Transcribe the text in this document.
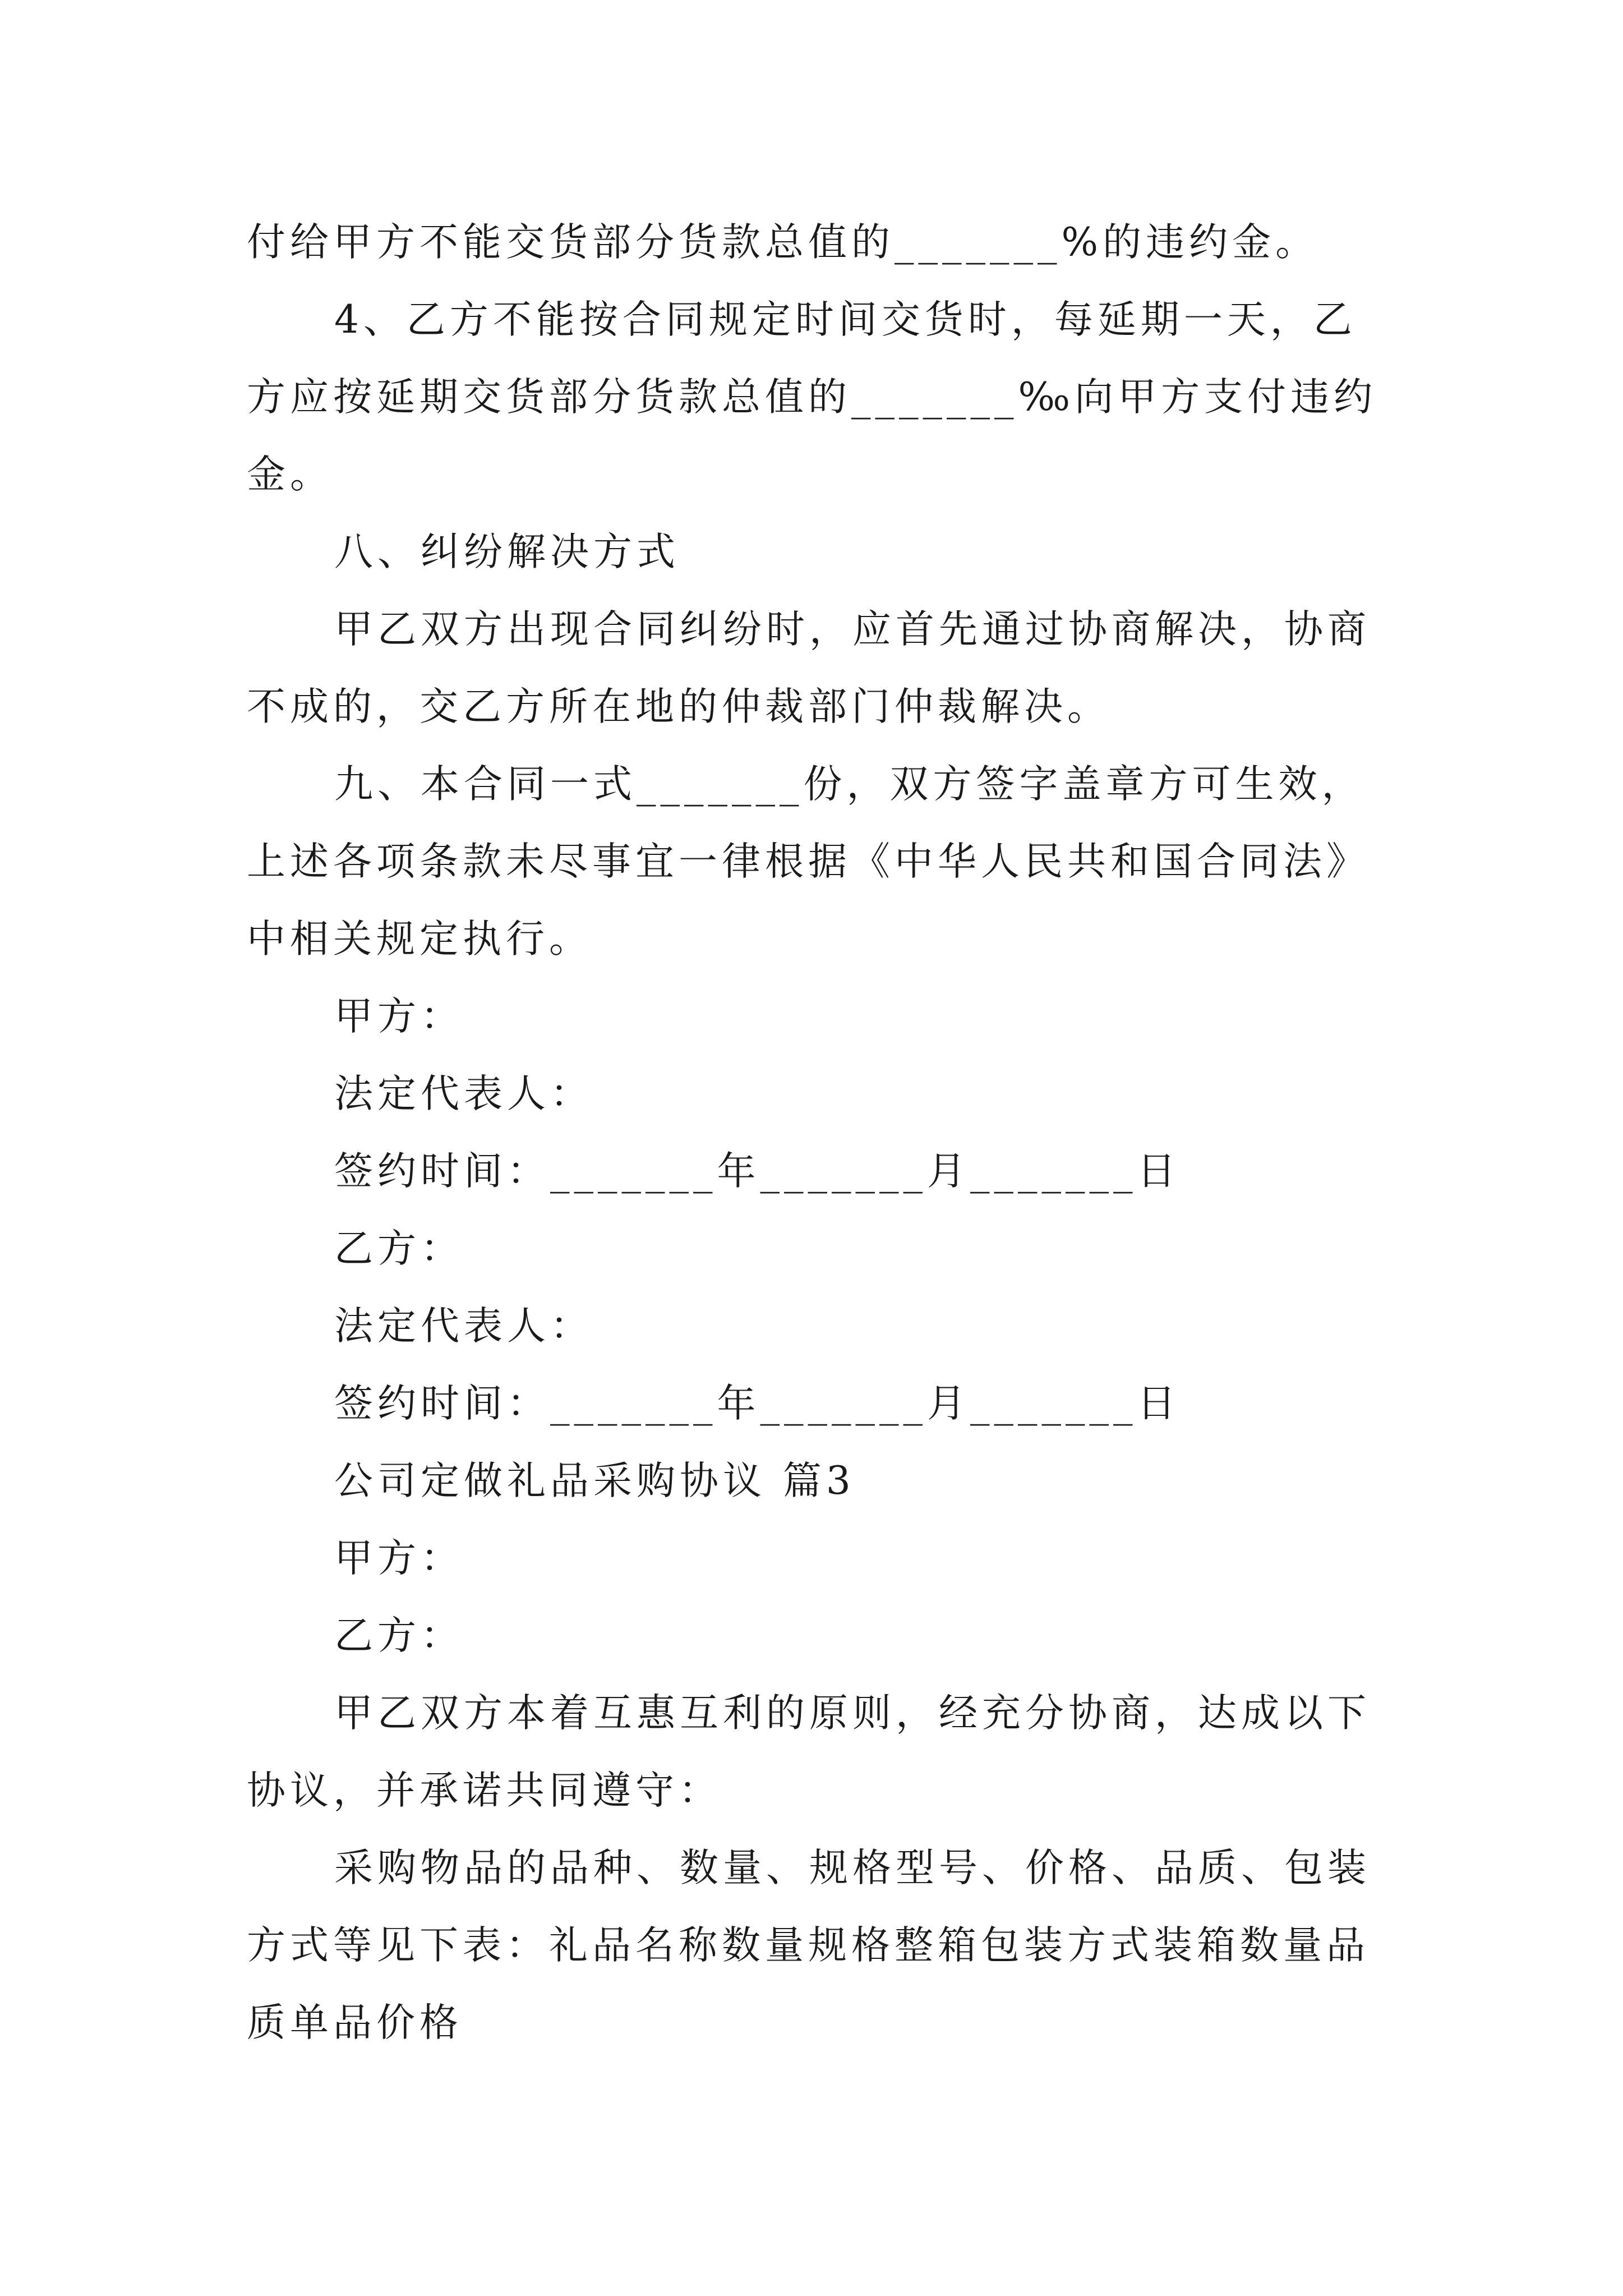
付给甲方不能交货部分货款总值的_______%的违约金。
4、乙方不能按合同规定时间交货时，每延期一天，乙
方应按延期交货部分货款总值的_______‰向甲方支付违约
金。
八、纠纷解决方式
甲乙双方出现合同纠纷时，应首先通过协商解决，协商
不成的，交乙方所在地的仲裁部门仲裁解决。
九、本合同一式_______份，双方签字盖章方可生效，
上述各项条款未尽事宜一律根据《中华人民共和国合同法》
中相关规定执行。
甲方：
法定代表人：
签约时间：_______年_______月_______日
乙方：
法定代表人：
签约时间：_______年_______月_______日
公司定做礼品采购协议 篇3
甲方：
乙方：
甲乙双方本着互惠互利的原则，经充分协商，达成以下
协议，并承诺共同遵守：
采购物品的品种、数量、规格型号、价格、品质、包装
方式等见下表：礼品名称数量规格整箱包装方式装箱数量品
质单品价格
